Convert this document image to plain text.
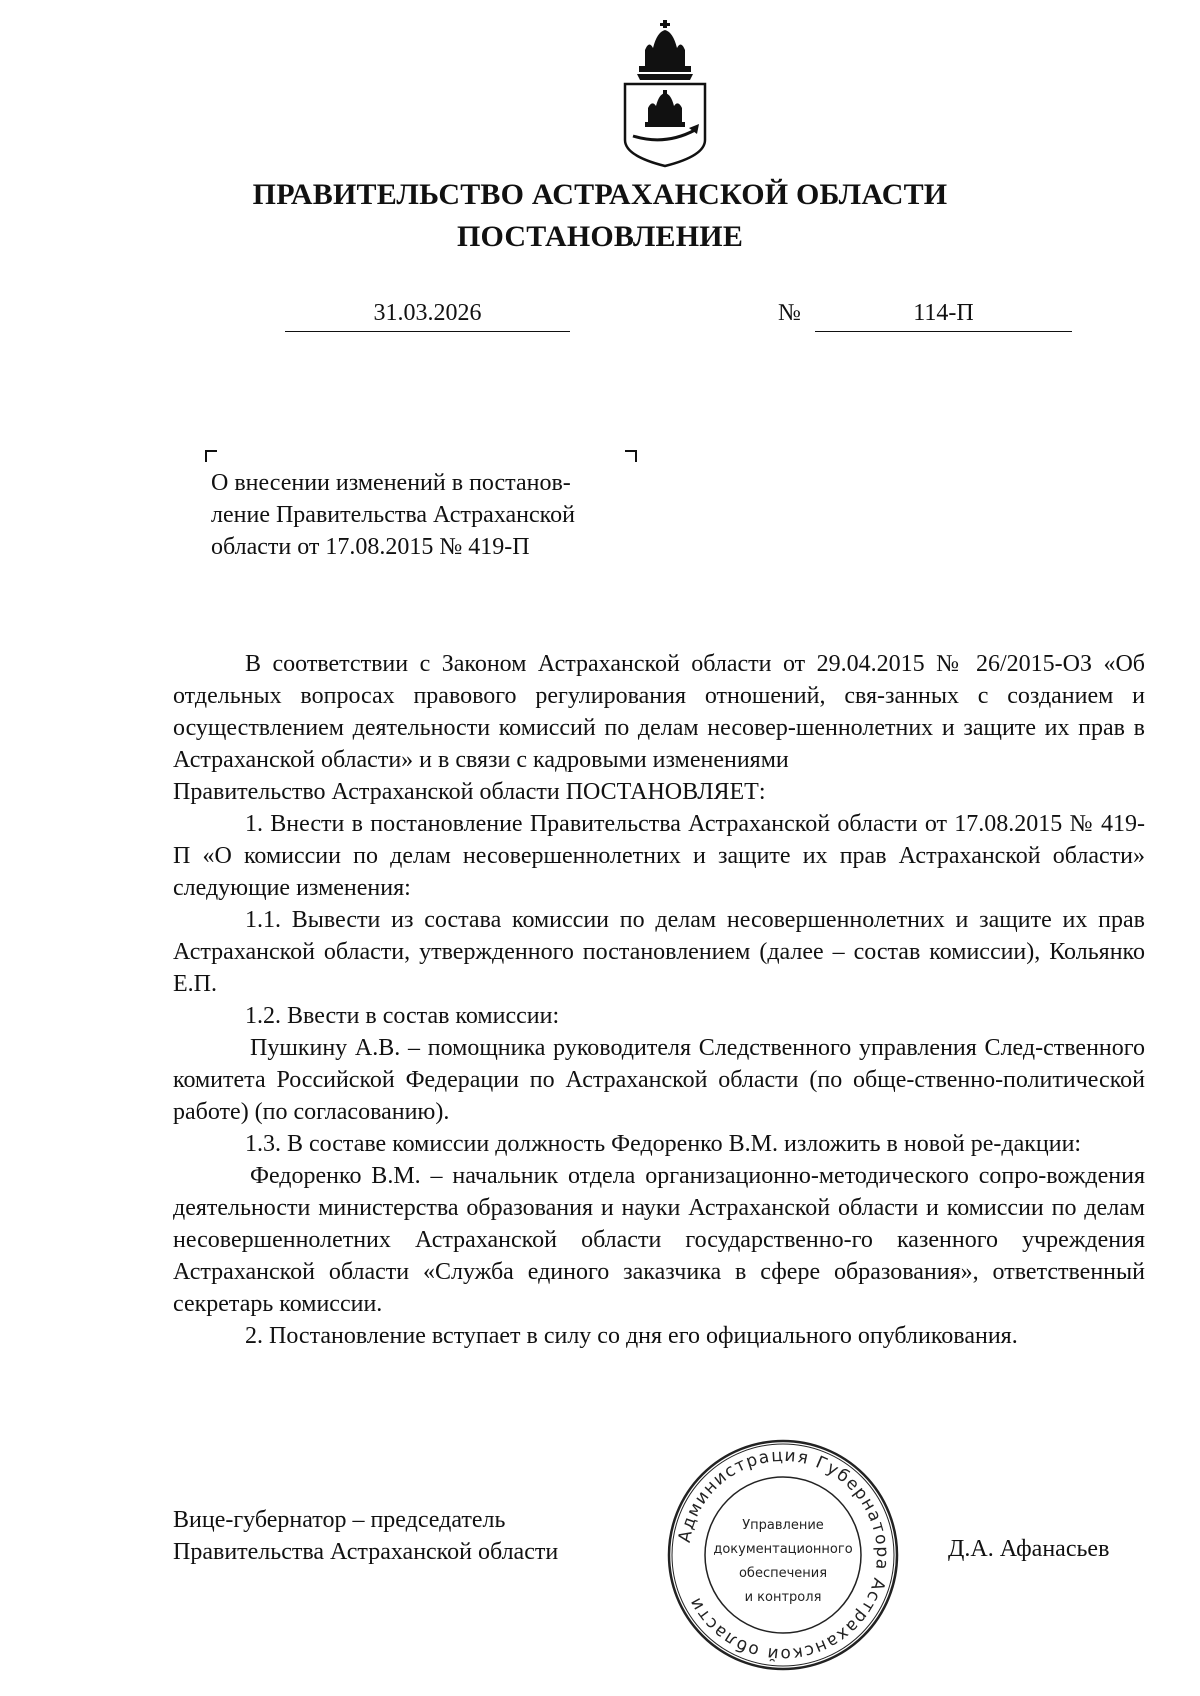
ПРАВИТЕЛЬСТВО АСТРАХАНСКОЙ ОБЛАСТИ
ПОСТАНОВЛЕНИЕ
31.03.2026	№	114-П
О внесении изменений в постанов-
ление Правительства Астраханской
области от 17.08.2015 № 419-П

В соответствии с Законом Астраханской области от 29.04.2015 № 26/2015-ОЗ «Об отдельных вопросах правового регулирования отношений, свя-занных с созданием и осуществлением деятельности комиссий по делам несовер-шеннолетних и защите их прав в Астраханской области» и в связи с кадровыми изменениями

Правительство Астраханской области ПОСТАНОВЛЯЕТ:

1. Внести в постановление Правительства Астраханской области от 17.08.2015 № 419-П «О комиссии по делам несовершеннолетних и защите их прав Астраханской области» следующие изменения:

1.1. Вывести из состава комиссии по делам несовершеннолетних и защите их прав Астраханской области, утвержденного постановлением (далее – состав комиссии), Кольянко Е.П.

1.2. Ввести в состав комиссии:

Пушкину А.В. – помощника руководителя Следственного управления След-ственного комитета Российской Федерации по Астраханской области (по обще-ственно-политической работе) (по согласованию).

1.3. В составе комиссии должность Федоренко В.М. изложить в новой ре-дакции:

Федоренко В.М. – начальник отдела организационно-методического сопро-вождения деятельности министерства образования и науки Астраханской области и комиссии по делам несовершеннолетних Астраханской области государственно-го казенного учреждения Астраханской области «Служба единого заказчика в сфере образования», ответственный секретарь комиссии.

2. Постановление вступает в силу со дня его официального опубликования.

Вице-губернатор – председатель
Правительства Астраханской области	Д.А. Афанасьев
Администрация Губернатора Астраханской области
Управление
документационного
обеспечения
и контроля
